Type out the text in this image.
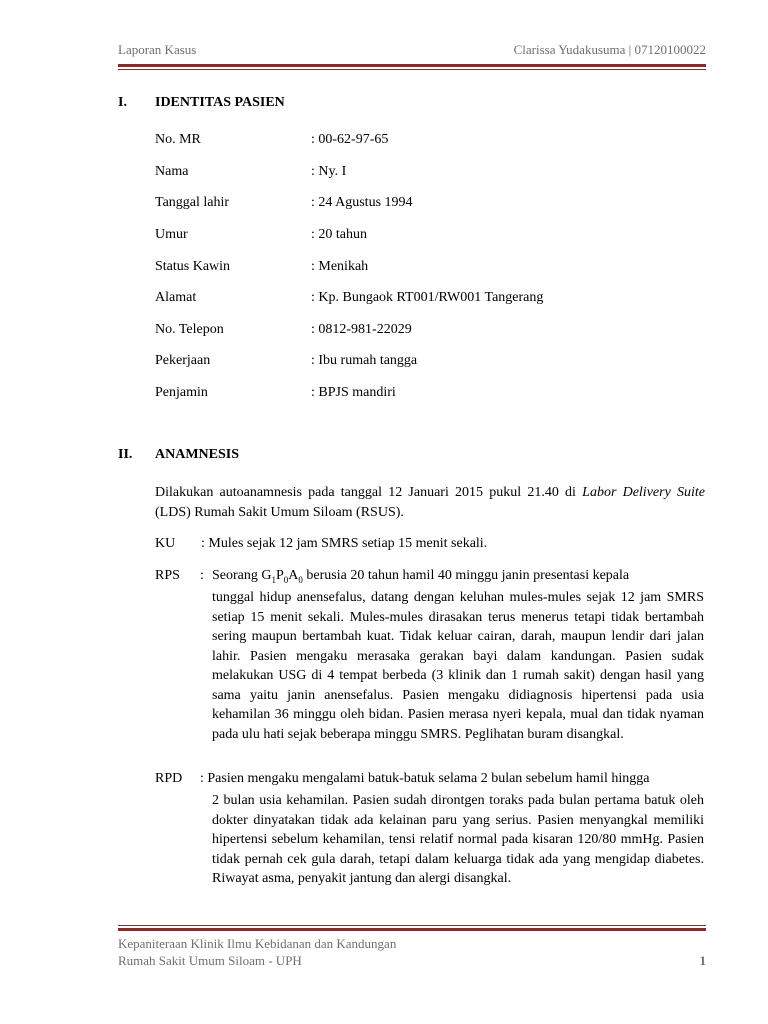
Laporan Kasus	Clarissa Yudakusuma | 07120100022
I. IDENTITAS PASIEN
No. MR	: 00-62-97-65
Nama	: Ny. I
Tanggal lahir	: 24 Agustus 1994
Umur	: 20 tahun
Status Kawin	: Menikah
Alamat	: Kp. Bungaok RT001/RW001 Tangerang
No. Telepon	: 0812-981-22029
Pekerjaan	: Ibu rumah tangga
Penjamin	: BPJS mandiri
II. ANAMNESIS
Dilakukan autoanamnesis pada tanggal 12 Januari 2015 pukul 21.40 di Labor Delivery Suite (LDS) Rumah Sakit Umum Siloam (RSUS).
KU : Mules sejak 12 jam SMRS setiap 15 menit sekali.
RPS : Seorang $G_1P_0A_0$ berusia 20 tahun hamil 40 minggu janin presentasi kepala
tunggal hidup anensefalus, datang dengan keluhan mules-mules sejak 12 jam SMRS setiap 15 menit sekali. Mules-mules dirasakan terus menerus tetapi tidak bertambah sering maupun bertambah kuat. Tidak keluar cairan, darah, maupun lendir dari jalan lahir. Pasien mengaku merasaka gerakan bayi dalam kandungan. Pasien sudak melakukan USG di 4 tempat berbeda (3 klinik dan 1 rumah sakit) dengan hasil yang sama yaitu janin anensefalus. Pasien mengaku didiagnosis hipertensi pada usia kehamilan 36 minggu oleh bidan. Pasien merasa nyeri kepala, mual dan tidak nyaman pada ulu hati sejak beberapa minggu SMRS. Peglihatan buram disangkal.
RPD : Pasien mengaku mengalami batuk-batuk selama 2 bulan sebelum hamil hingga
2 bulan usia kehamilan. Pasien sudah dirontgen toraks pada bulan pertama batuk oleh dokter dinyatakan tidak ada kelainan paru yang serius. Pasien menyangkal memiliki hipertensi sebelum kehamilan, tensi relatif normal pada kisaran 120/80 mmHg. Pasien tidak pernah cek gula darah, tetapi dalam keluarga tidak ada yang mengidap diabetes. Riwayat asma, penyakit jantung dan alergi disangkal.
Kepaniteraan Klinik Ilmu Kebidanan dan Kandungan
Rumah Sakit Umum Siloam - UPH	1
